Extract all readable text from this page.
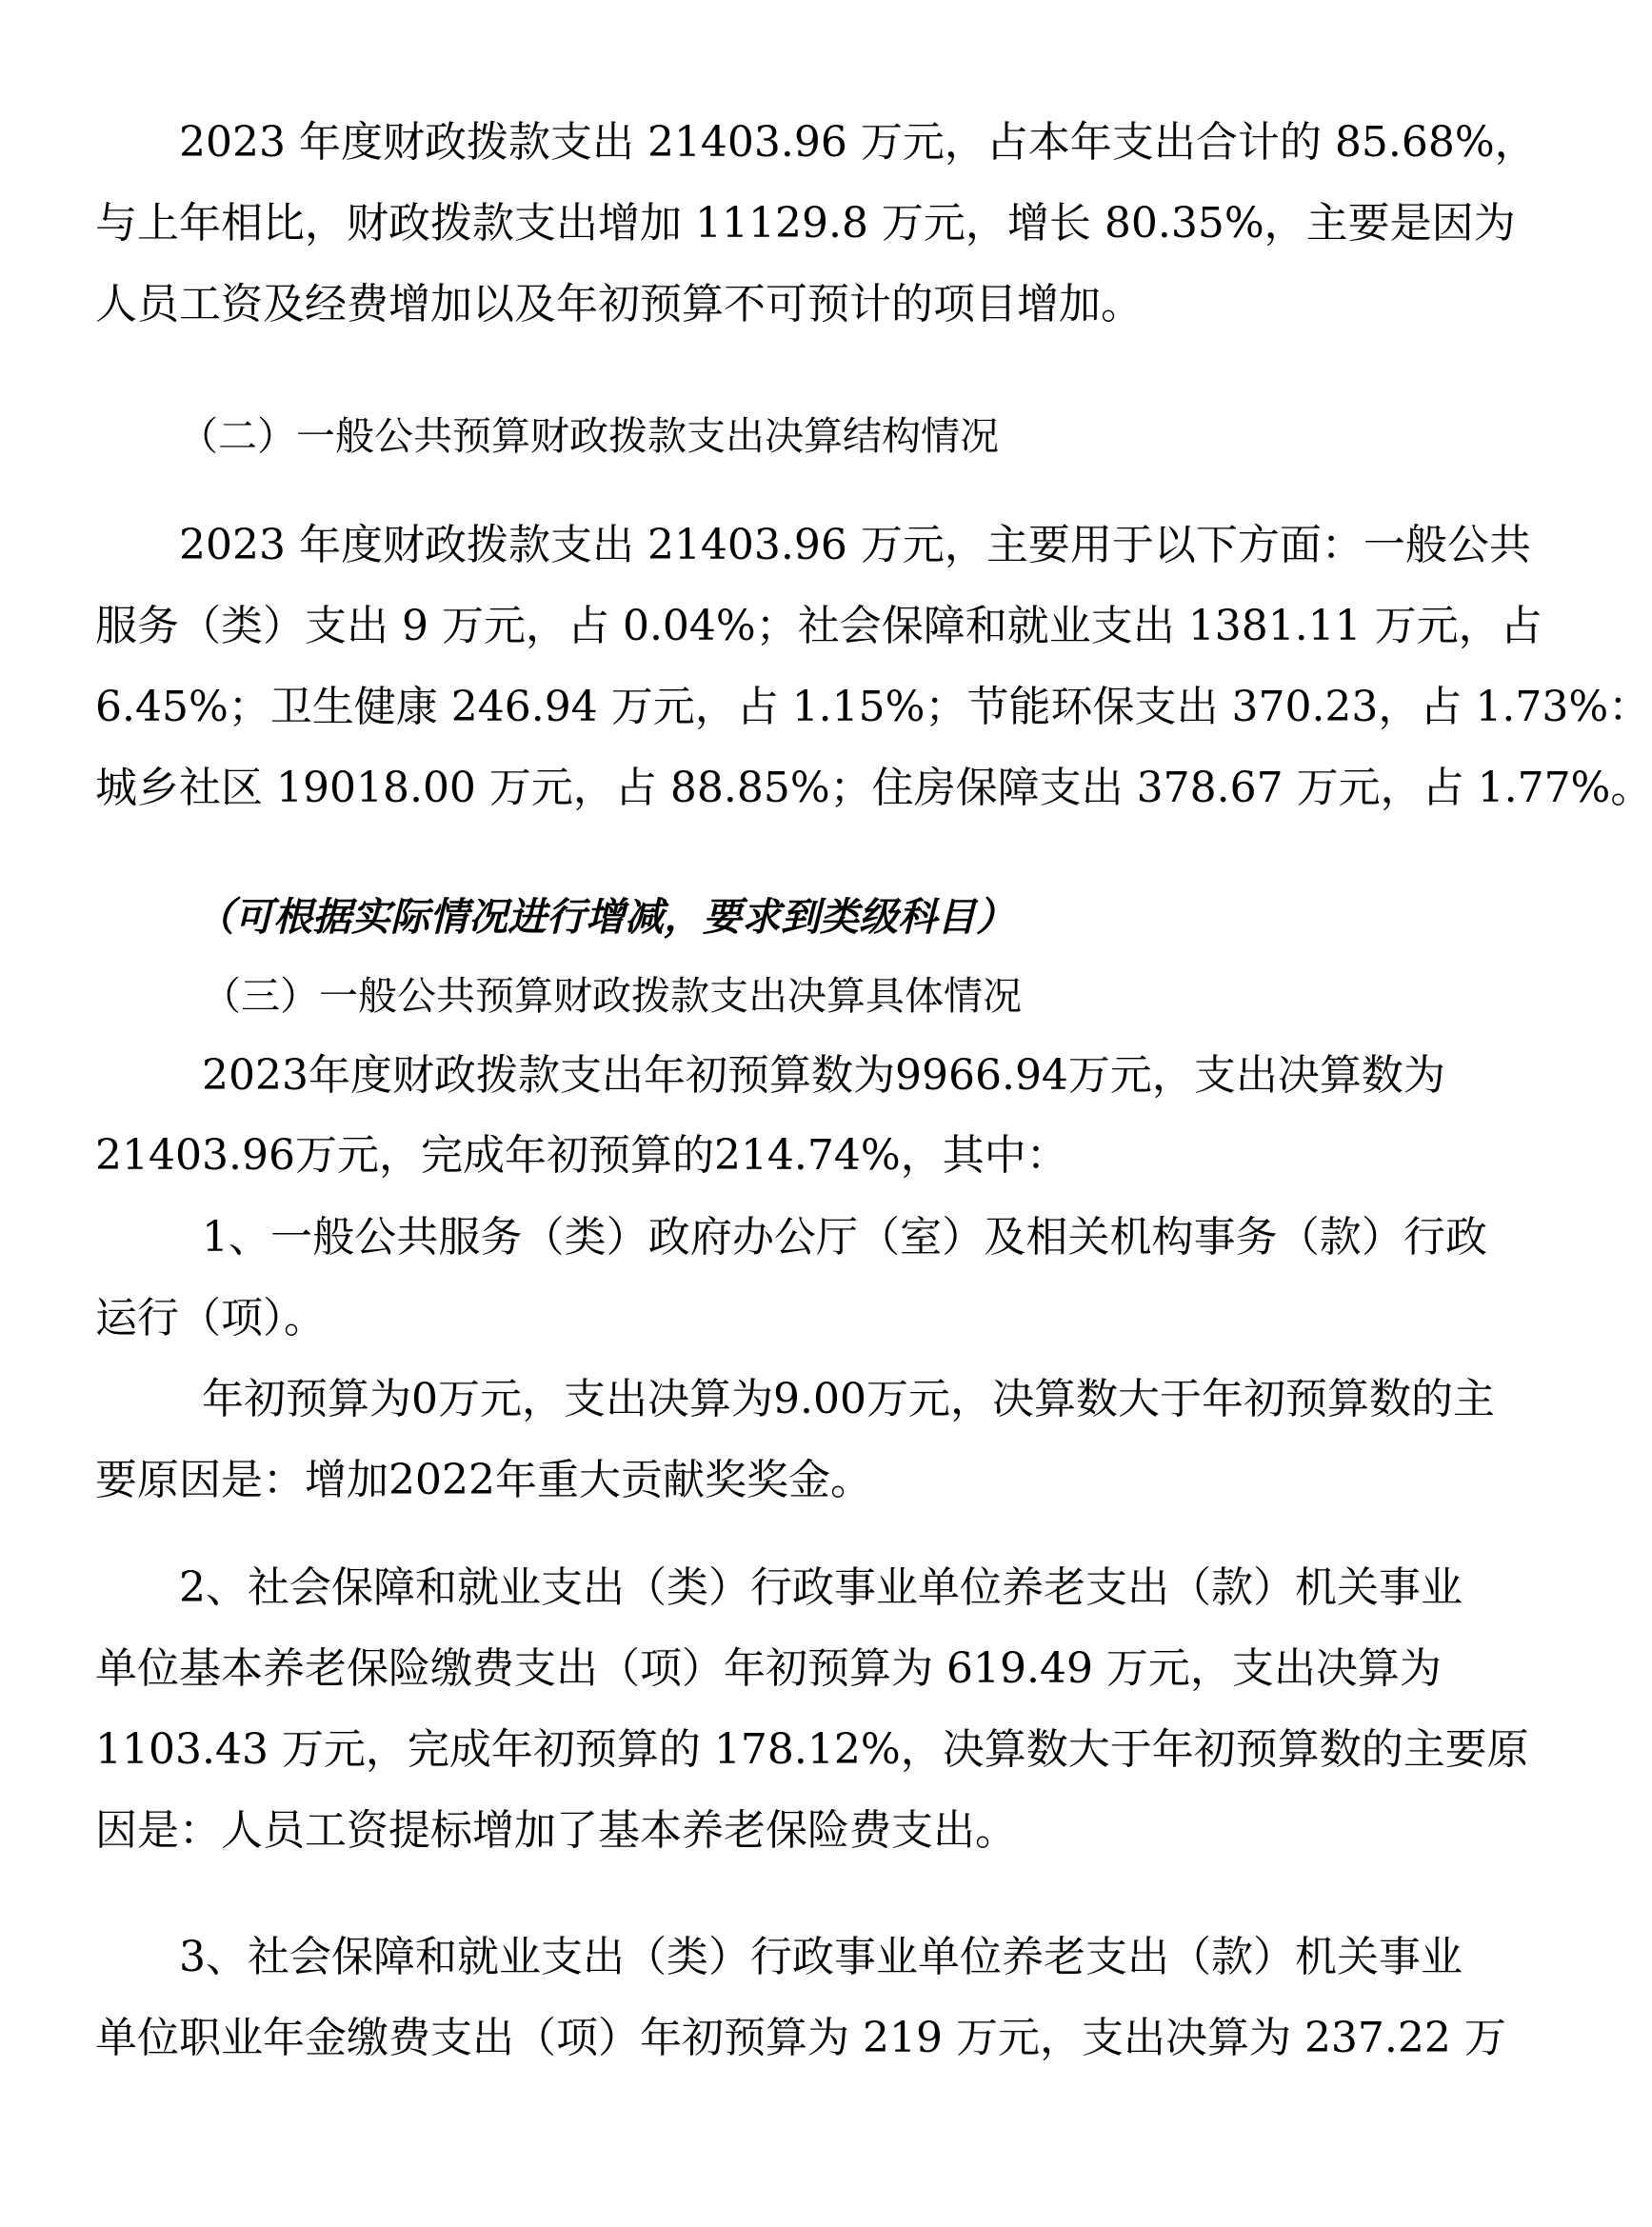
2023 年度财政拨款支出 21403.96 万元，占本年支出合计的 85.68%，
与上年相比，财政拨款支出增加 11129.8 万元，增长 80.35%，主要是因为
人员工资及经费增加以及年初预算不可预计的项目增加。
（二）一般公共预算财政拨款支出决算结构情况
2023 年度财政拨款支出 21403.96 万元，主要用于以下方面：一般公共
服务（类）支出 9 万元，占 0.04%；社会保障和就业支出 1381.11 万元，占
6.45%；卫生健康 246.94 万元，占 1.15%；节能环保支出 370.23，占 1.73%：
城乡社区 19018.00 万元，占 88.85%；住房保障支出 378.67 万元，占 1.77%。
（可根据实际情况进行增减，要求到类级科目）
（三）一般公共预算财政拨款支出决算具体情况
2023年度财政拨款支出年初预算数为9966.94万元，支出决算数为
21403.96万元，完成年初预算的214.74%，其中：
1、一般公共服务（类）政府办公厅（室）及相关机构事务（款）行政
运行（项）。
年初预算为0万元，支出决算为9.00万元，决算数大于年初预算数的主
要原因是：增加2022年重大贡献奖奖金。
2、社会保障和就业支出（类）行政事业单位养老支出（款）机关事业
单位基本养老保险缴费支出（项）年初预算为 619.49 万元，支出决算为
1103.43 万元，完成年初预算的 178.12%，决算数大于年初预算数的主要原
因是：人员工资提标增加了基本养老保险费支出。
3、社会保障和就业支出（类）行政事业单位养老支出（款）机关事业
单位职业年金缴费支出（项）年初预算为 219 万元，支出决算为 237.22 万
